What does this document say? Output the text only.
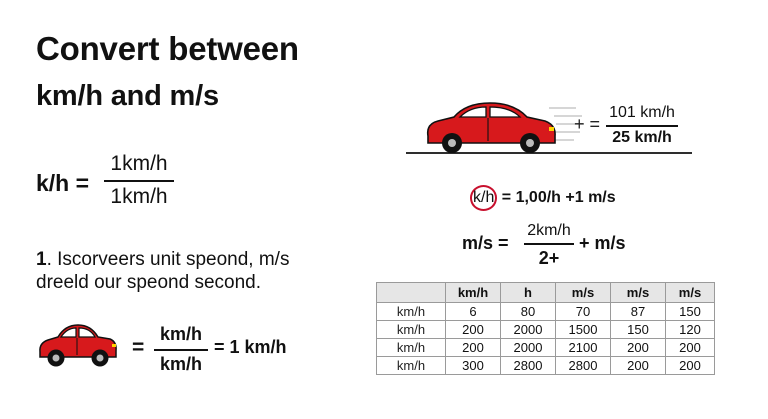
Convert between
km/h and m/s
k/h =
1km/h
1km/h
1. Iscorveers unit speond, m/s
dreeld our speond second.
=
km/h
km/h
= 1 km/h
+ =
101 km/h
25 km/h
k/h = 1,00/h +1 m/s
m/s =
2km/h
2+
+ m/s
	km/h	h	m/s	m/s	m/s
km/h	6	80	70	87	150
km/h	200	2000	1500	150	120
km/h	200	2000	2100	200	200
km/h	300	2800	2800	200	200
